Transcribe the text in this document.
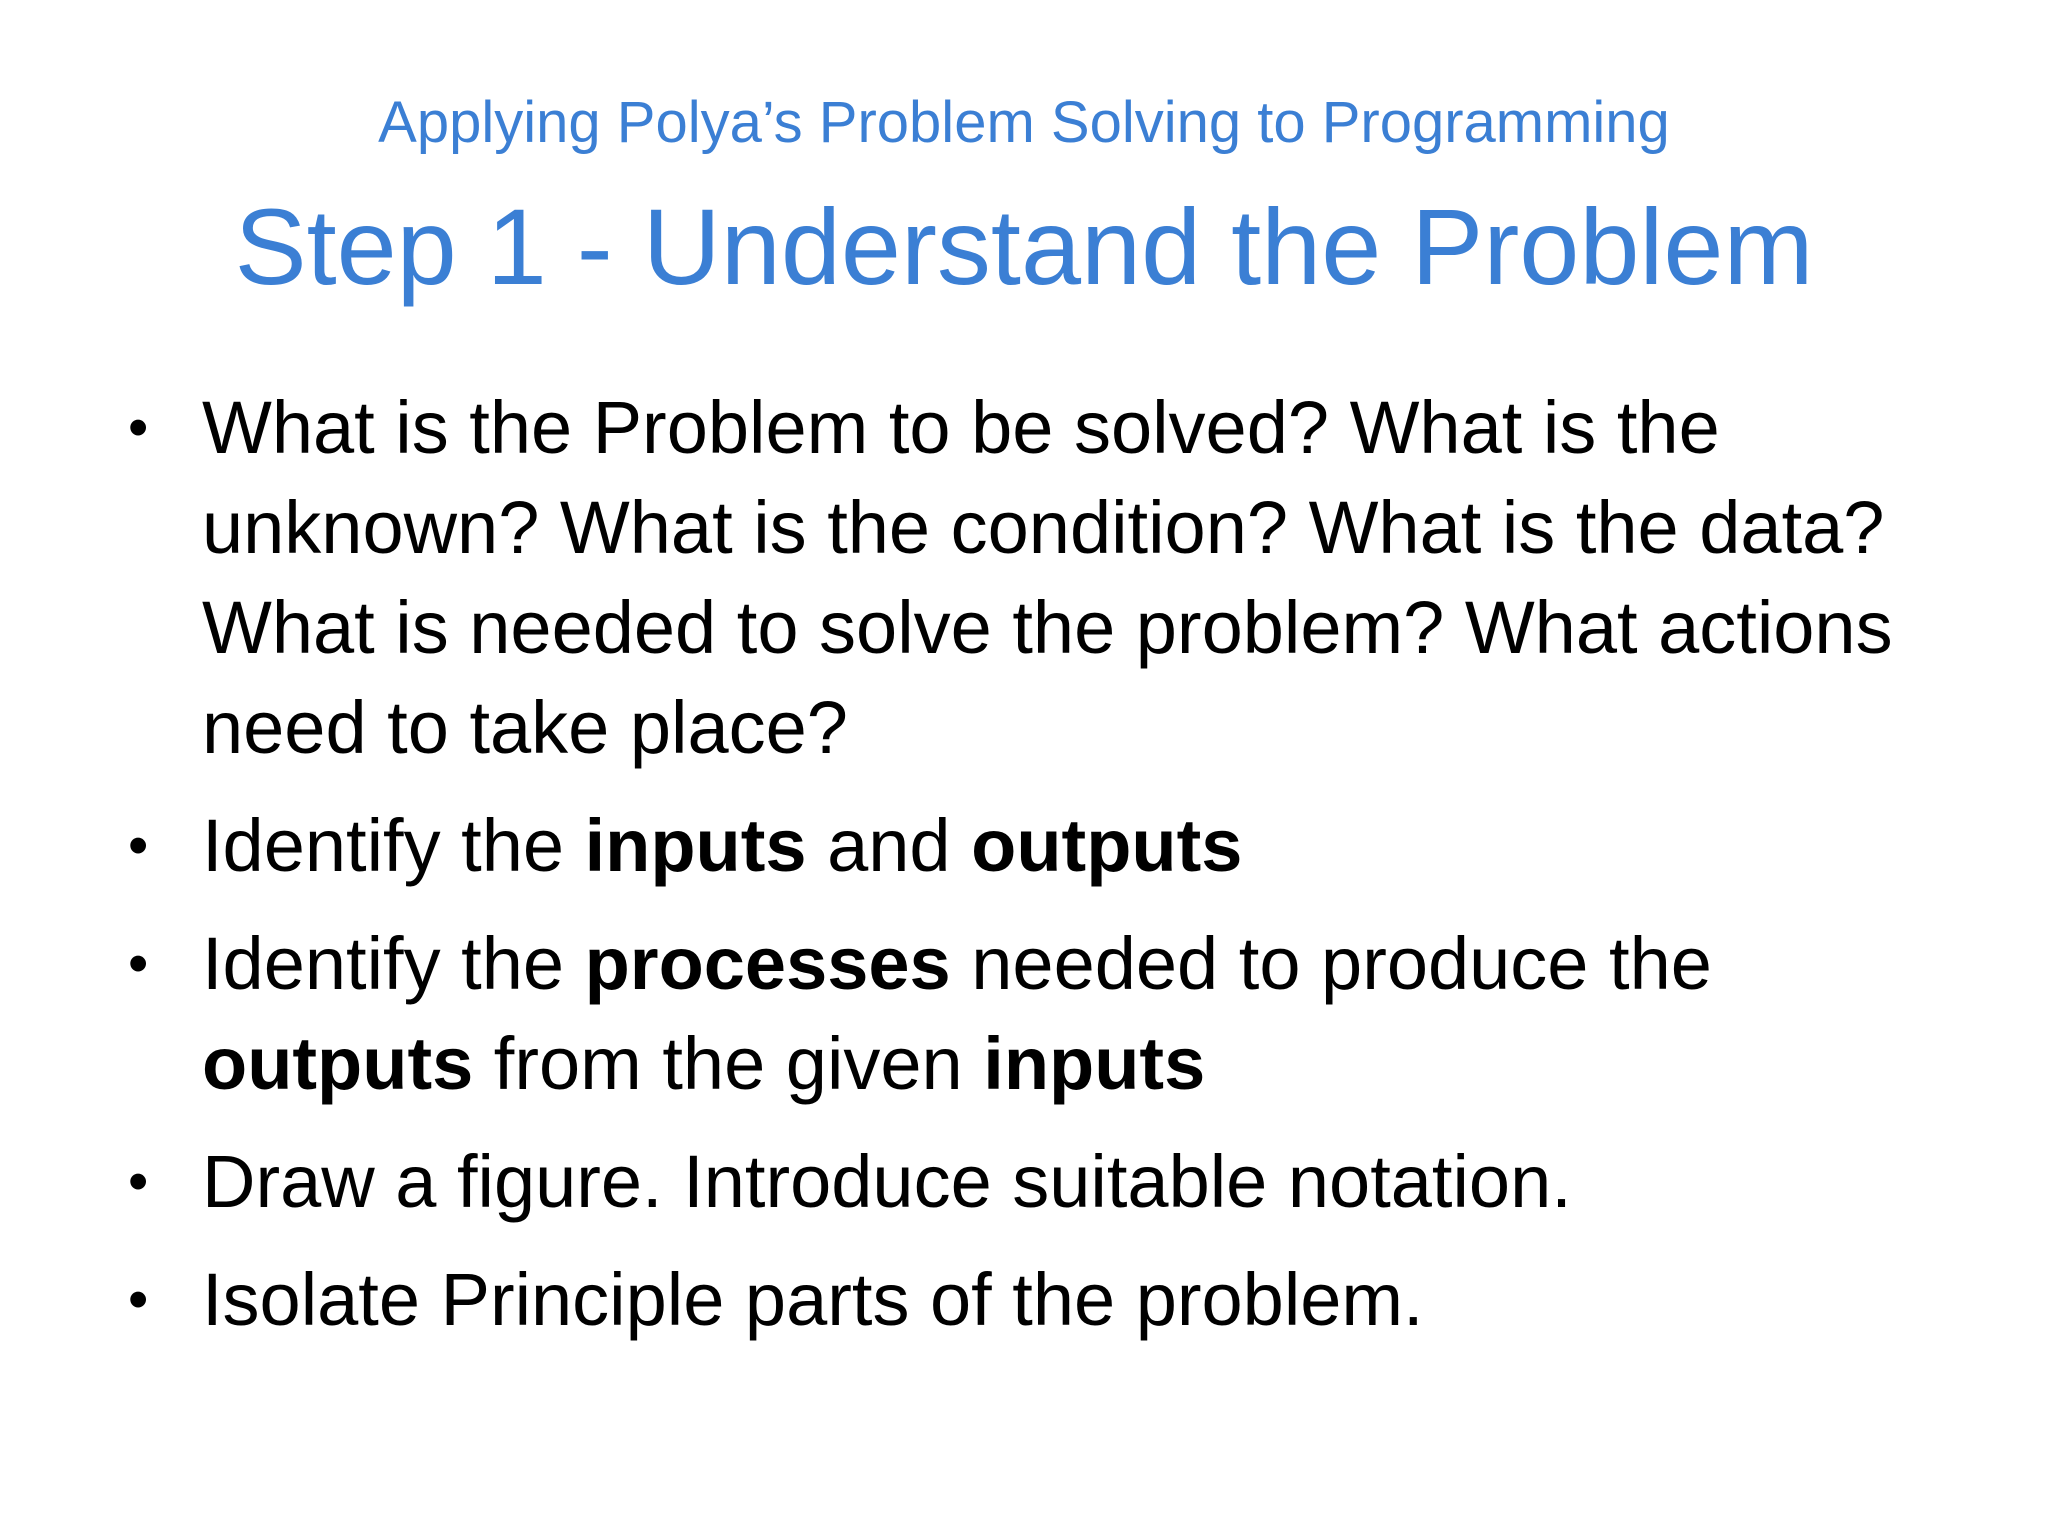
Applying Polya’s Problem Solving to Programming
Step 1 - Understand the Problem
• What is the Problem to be solved? What is the unknown? What is the condition? What is the data? What is needed to solve the problem? What actions need to take place?
• Identify the inputs and outputs
• Identify the processes needed to produce the outputs from the given inputs
• Draw a figure. Introduce suitable notation.
• Isolate Principle parts of the problem.
